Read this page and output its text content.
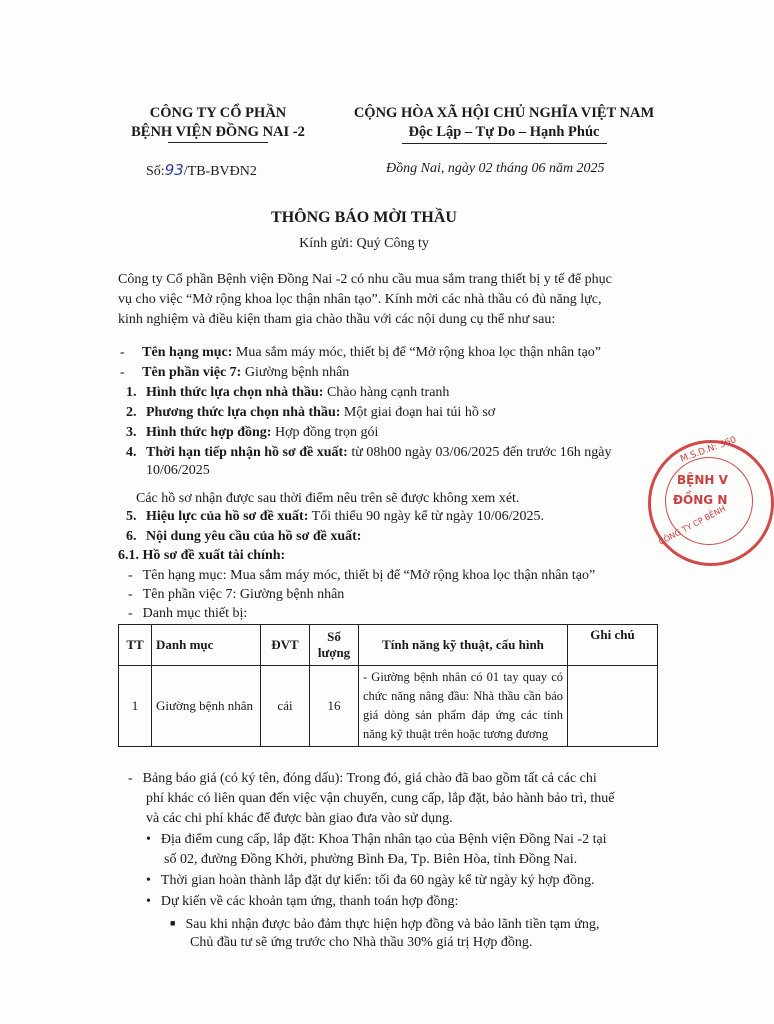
CÔNG TY CỔ PHẦN
BỆNH VIỆN ĐỒNG NAI -2
CỘNG HÒA XÃ HỘI CHỦ NGHĨA VIỆT NAM
Độc Lập – Tự Do – Hạnh Phúc
Số:93/TB-BVĐN2	Đồng Nai, ngày 02 tháng 06 năm 2025
THÔNG BÁO MỜI THẦU
Kính gửi: Quý Công ty
Công ty Cổ phần Bệnh viện Đồng Nai -2 có nhu cầu mua sắm trang thiết bị y tế để phục
vụ cho việc “Mở rộng khoa lọc thận nhân tạo”. Kính mời các nhà thầu có đủ năng lực,
kinh nghiệm và điều kiện tham gia chào thầu với các nội dung cụ thể như sau:
- Tên hạng mục: Mua sắm máy móc, thiết bị để “Mở rộng khoa lọc thận nhân tạo”
- Tên phần việc 7: Giường bệnh nhân
1. Hình thức lựa chọn nhà thầu: Chào hàng cạnh tranh
2. Phương thức lựa chọn nhà thầu: Một giai đoạn hai túi hồ sơ
3. Hình thức hợp đồng: Hợp đồng trọn gói
4. Thời hạn tiếp nhận hồ sơ đề xuất: từ 08h00 ngày 03/06/2025 đến trước 16h ngày
10/06/2025
Các hồ sơ nhận được sau thời điểm nêu trên sẽ được không xem xét.
5. Hiệu lực của hồ sơ đề xuất: Tối thiểu 90 ngày kể từ ngày 10/06/2025.
6. Nội dung yêu cầu của hồ sơ đề xuất:
6.1. Hồ sơ đề xuất tài chính:
- Tên hạng mục: Mua sắm máy móc, thiết bị để “Mở rộng khoa lọc thận nhân tạo”
- Tên phần việc 7: Giường bệnh nhân
- Danh mục thiết bị:
TT	Danh mục	ĐVT	Số lượng	Tính năng kỹ thuật, cấu hình	Ghi chú
1	Giường bệnh nhân	cái	16	- Giường bệnh nhân có 01 tay quay có chức năng nâng đầu: Nhà thầu cần báo giá dòng sản phẩm đáp ứng các tính năng kỹ thuật trên hoặc tương đương	
- Bảng báo giá (có ký tên, đóng dấu): Trong đó, giá chào đã bao gồm tất cả các chi
phí khác có liên quan đến việc vận chuyển, cung cấp, lắp đặt, bảo hành bảo trì, thuế
và các chi phí khác để được bàn giao đưa vào sử dụng.
• Địa điểm cung cấp, lắp đặt: Khoa Thận nhân tạo của Bệnh viện Đồng Nai -2 tại
số 02, đường Đồng Khởi, phường Bình Đa, Tp. Biên Hòa, tỉnh Đồng Nai.
• Thời gian hoàn thành lắp đặt dự kiến: tối đa 60 ngày kể từ ngày ký hợp đồng.
• Dự kiến về các khoản tạm ứng, thanh toán hợp đồng:
■ Sau khi nhận được bảo đảm thực hiện hợp đồng và bảo lãnh tiền tạm ứng,
Chủ đầu tư sẽ ứng trước cho Nhà thầu 30% giá trị Hợp đồng.
M.S.D.N: 360
BỆNH V
ĐỒNG N
CÔNG TY CP BỆNH
